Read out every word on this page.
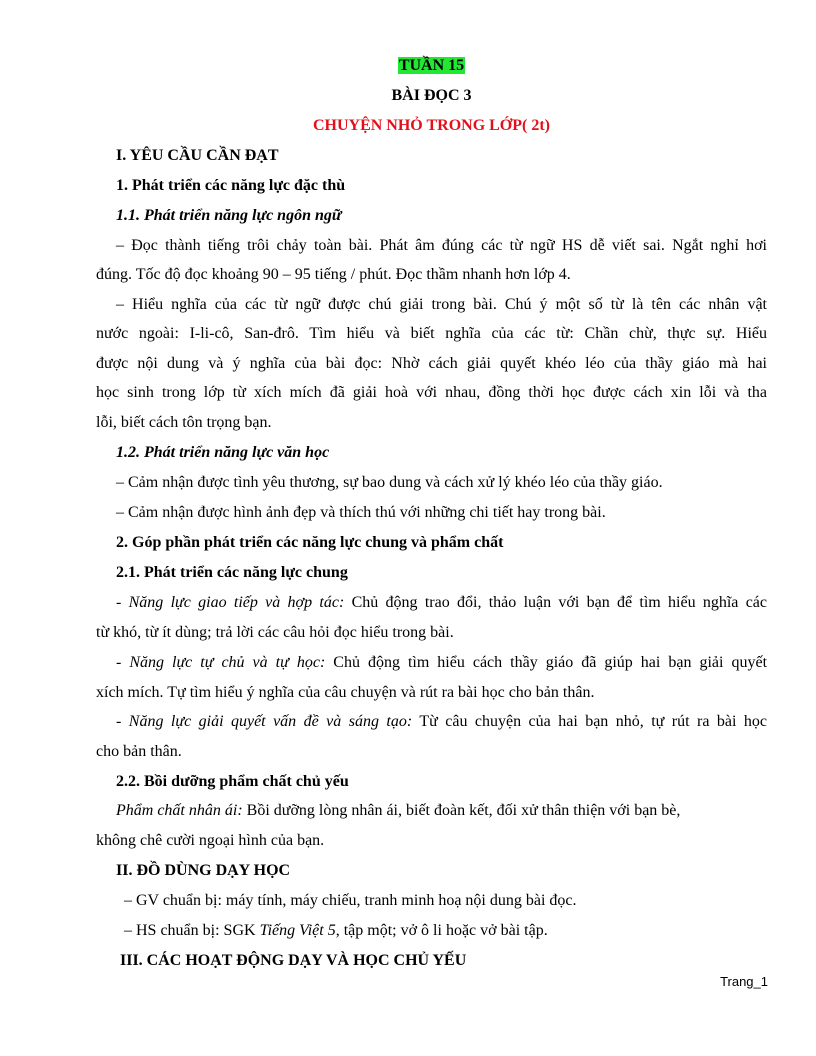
TUẦN 15
BÀI ĐỌC 3
CHUYỆN NHỎ TRONG LỚP( 2t)
I. YÊU CẦU CẦN ĐẠT
1. Phát triển các năng lực đặc thù
1.1. Phát triển năng lực ngôn ngữ
– Đọc thành tiếng trôi chảy toàn bài. Phát âm đúng các từ ngữ HS dễ viết sai. Ngắt nghỉ hơi
đúng. Tốc độ đọc khoảng 90 – 95 tiếng / phút. Đọc thầm nhanh hơn lớp 4.
– Hiểu nghĩa của các từ ngữ được chú giải trong bài. Chú ý một số từ là tên các nhân vật
nước ngoài: I-li-cô, San-đrô. Tìm hiểu và biết nghĩa của các từ: Chần chừ, thực sự. Hiểu
được nội dung và ý nghĩa của bài đọc: Nhờ cách giải quyết khéo léo của thầy giáo mà hai
học sinh trong lớp từ xích mích đã giải hoà với nhau, đồng thời học được cách xin lỗi và tha
lỗi, biết cách tôn trọng bạn.
1.2. Phát triển năng lực văn học
– Cảm nhận được tình yêu thương, sự bao dung và cách xử lý khéo léo của thầy giáo.
– Cảm nhận được hình ảnh đẹp và thích thú với những chi tiết hay trong bài.
2. Góp phần phát triển các năng lực chung và phẩm chất
2.1. Phát triển các năng lực chung
- Năng lực giao tiếp và hợp tác: Chủ động trao đổi, thảo luận với bạn để tìm hiểu nghĩa các
từ khó, từ ít dùng; trả lời các câu hỏi đọc hiểu trong bài.
- Năng lực tự chủ và tự học: Chủ động tìm hiểu cách thầy giáo đã giúp hai bạn giải quyết
xích mích. Tự tìm hiểu ý nghĩa của câu chuyện và rút ra bài học cho bản thân.
- Năng lực giải quyết vấn đề và sáng tạo: Từ câu chuyện của hai bạn nhỏ, tự rút ra bài học
cho bản thân.
2.2. Bồi dưỡng phẩm chất chủ yếu
Phẩm chất nhân ái: Bồi dưỡng lòng nhân ái, biết đoàn kết, đối xử thân thiện với bạn bè,
không chê cười ngoại hình của bạn.
II. ĐỒ DÙNG DẠY HỌC
– GV chuẩn bị: máy tính, máy chiếu, tranh minh hoạ nội dung bài đọc.
– HS chuẩn bị: SGK Tiếng Việt 5, tập một; vở ô li hoặc vở bài tập.
III. CÁC HOẠT ĐỘNG DẠY VÀ HỌC CHỦ YẾU
Trang_1
